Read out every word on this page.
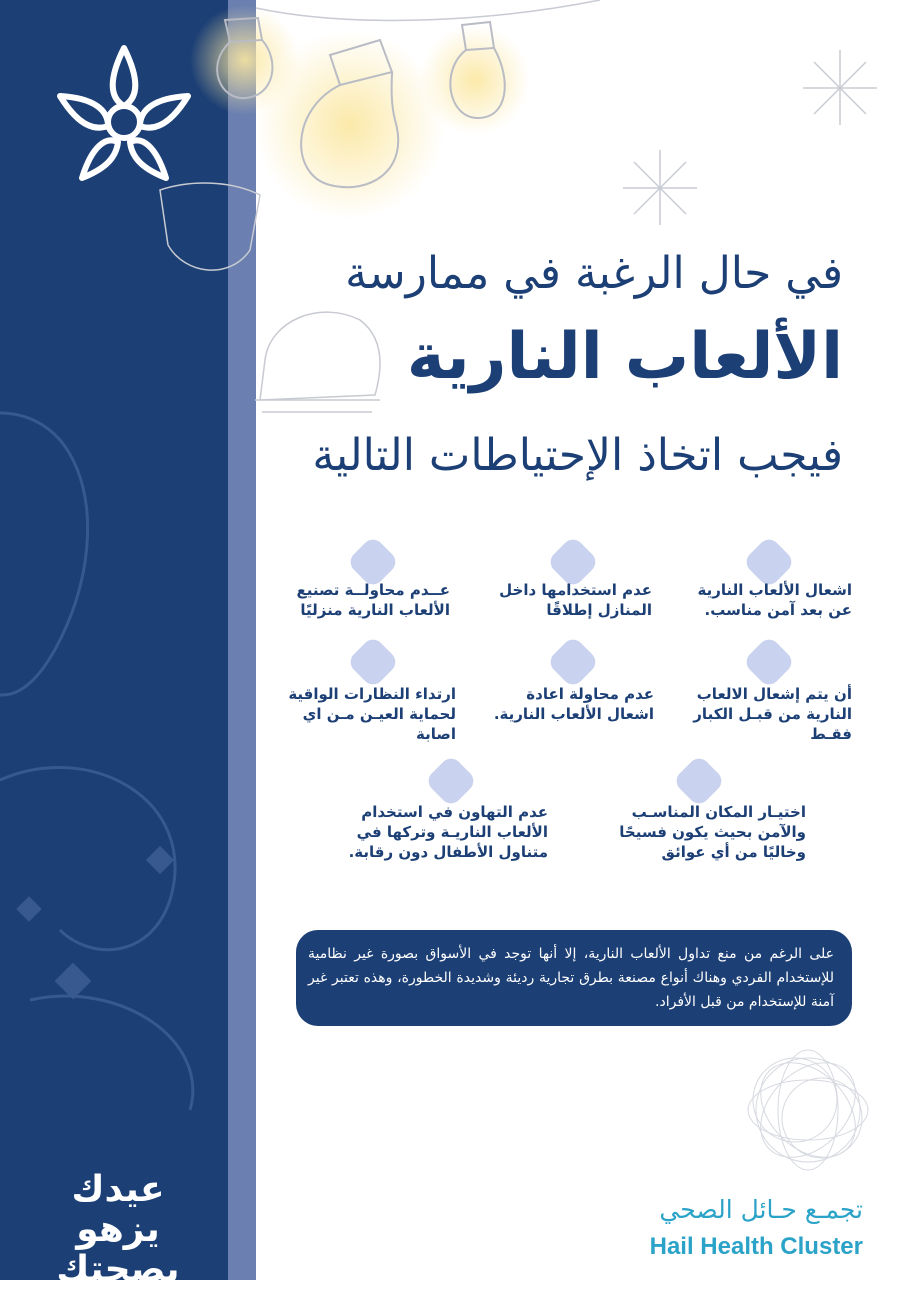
في حال الرغبة في ممارسة
الألعاب النارية
فيجب اتخاذ الإحتياطات التالية
اشعال الألعاب النارية عن بعد آمن مناسب.
عدم استخدامها داخل المنازل إطلاقًا
عــدم محاولــة تصنيع الألعاب النارية منزليًا
أن يتم إشعال الالعاب النارية من قبـل الكبار فقـط
عدم محاولة اعادة اشعال الألعاب النارية.
ارتداء النظارات الواقية لحماية العيـن مـن اي اصابة
اختيـار المكان المناسـب والآمن بحيث يكون فسيحًا وخاليًا من أي عوائق
عدم التهاون في استخدام الألعاب الناريـة وتركها في متناول الأطفال دون رقابة.

على الرغم من منع تداول الألعاب النارية، إلا أنها توجد في الأسواق بصورة غير نظامية للإستخدام الفردي وهناك أنواع مصنعة بطرق تجارية رديئة وشديدة الخطورة، وهذه تعتبر غير آمنة للإستخدام من قبل الأفراد.

عيدك يزهو
بصحتك

تجمـع حـائل الصحي

Hail Health Cluster
